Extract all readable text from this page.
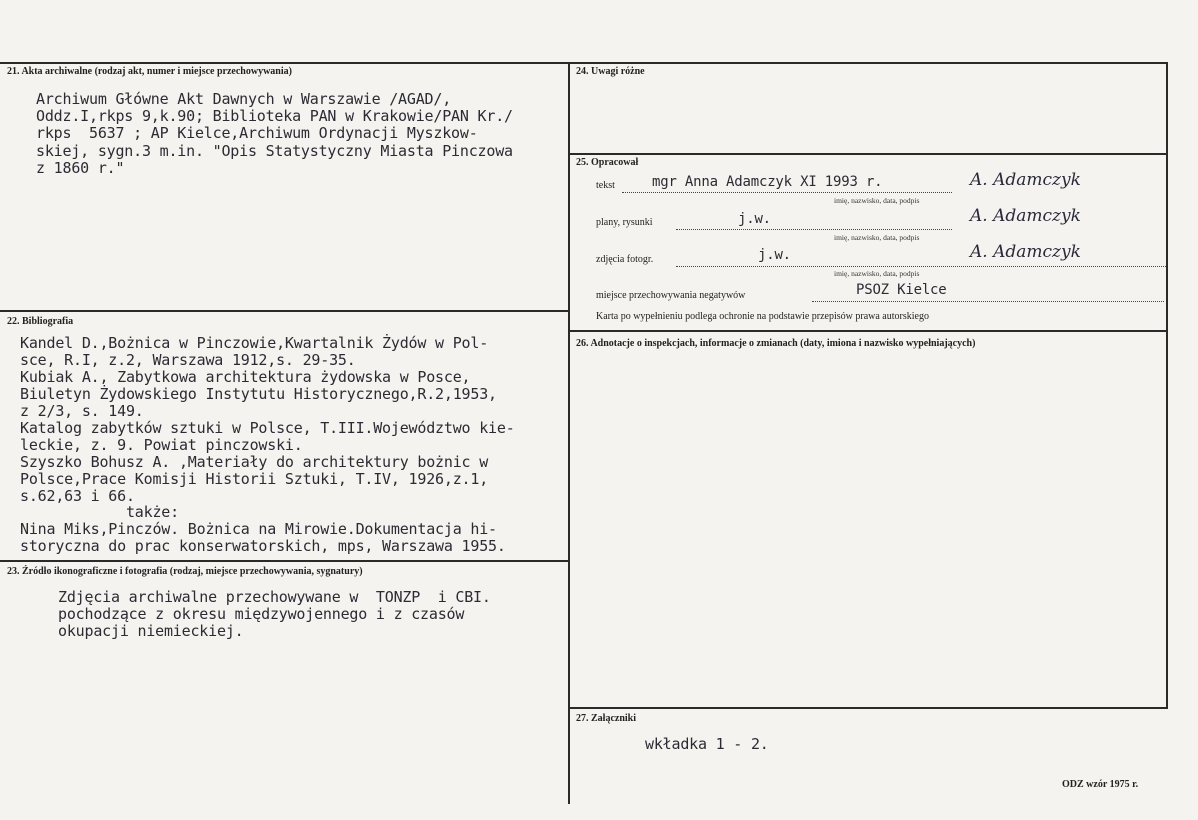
21. Akta archiwalne (rodzaj akt, numer i miejsce przechowywania)
Archiwum Główne Akt Dawnych w Warszawie /AGAD/,
Oddz.I,rkps 9,k.90; Biblioteka PAN w Krakowie/PAN Kr./
rkps  5637 ; AP Kielce,Archiwum Ordynacji Myszkow-
skiej, sygn.3 m.in. "Opis Statystyczny Miasta Pinczowa
z 1860 r."
22. Bibliografia
Kandel D.,Bożnica w Pinczowie,Kwartalnik Żydów w Pol-
sce, R.I, z.2, Warszawa 1912,s. 29-35.
Kubiak A., Zabytkowa architektura żydowska w Posce,
Biuletyn Żydowskiego Instytutu Historycznego,R.2,1953,
z 2/3, s. 149.
Katalog zabytków sztuki w Polsce, T.III.Województwo kie-
leckie, z. 9. Powiat pinczowski.
Szyszko Bohusz A. ,Materiały do architektury bożnic w
Polsce,Prace Komisji Historii Sztuki, T.IV, 1926,z.1,
s.62,63 i 66.
także:
Nina Miks,Pinczów. Bożnica na Mirowie.Dokumentacja hi-
storyczna do prac konserwatorskich, mps, Warszawa 1955.
23. Źródło ikonograficzne i fotografia (rodzaj, miejsce przechowywania, sygnatury)
Zdjęcia archiwalne przechowywane w  TONZP  i CBI.
pochodzące z okresu międzywojennego i z czasów
okupacji niemieckiej.
24. Uwagi różne
25. Opracował
tekst	mgr Anna Adamczyk XI 1993 r.	A. Adamczyk
imię, nazwisko, data, podpis
plany, rysunki	j.w.	A. Adamczyk
imię, nazwisko, data, podpis
zdjęcia fotogr.	j.w.	A. Adamczyk
imię, nazwisko, data, podpis
miejsce przechowywania negatywów	PSOZ Kielce
Karta po wypełnieniu podlega ochronie na podstawie przepisów prawa autorskiego
26. Adnotacje o inspekcjach, informacje o zmianach (daty, imiona i nazwisko wypełniających)
27. Załączniki
wkładka 1 - 2.
ODZ wzór 1975 r.
